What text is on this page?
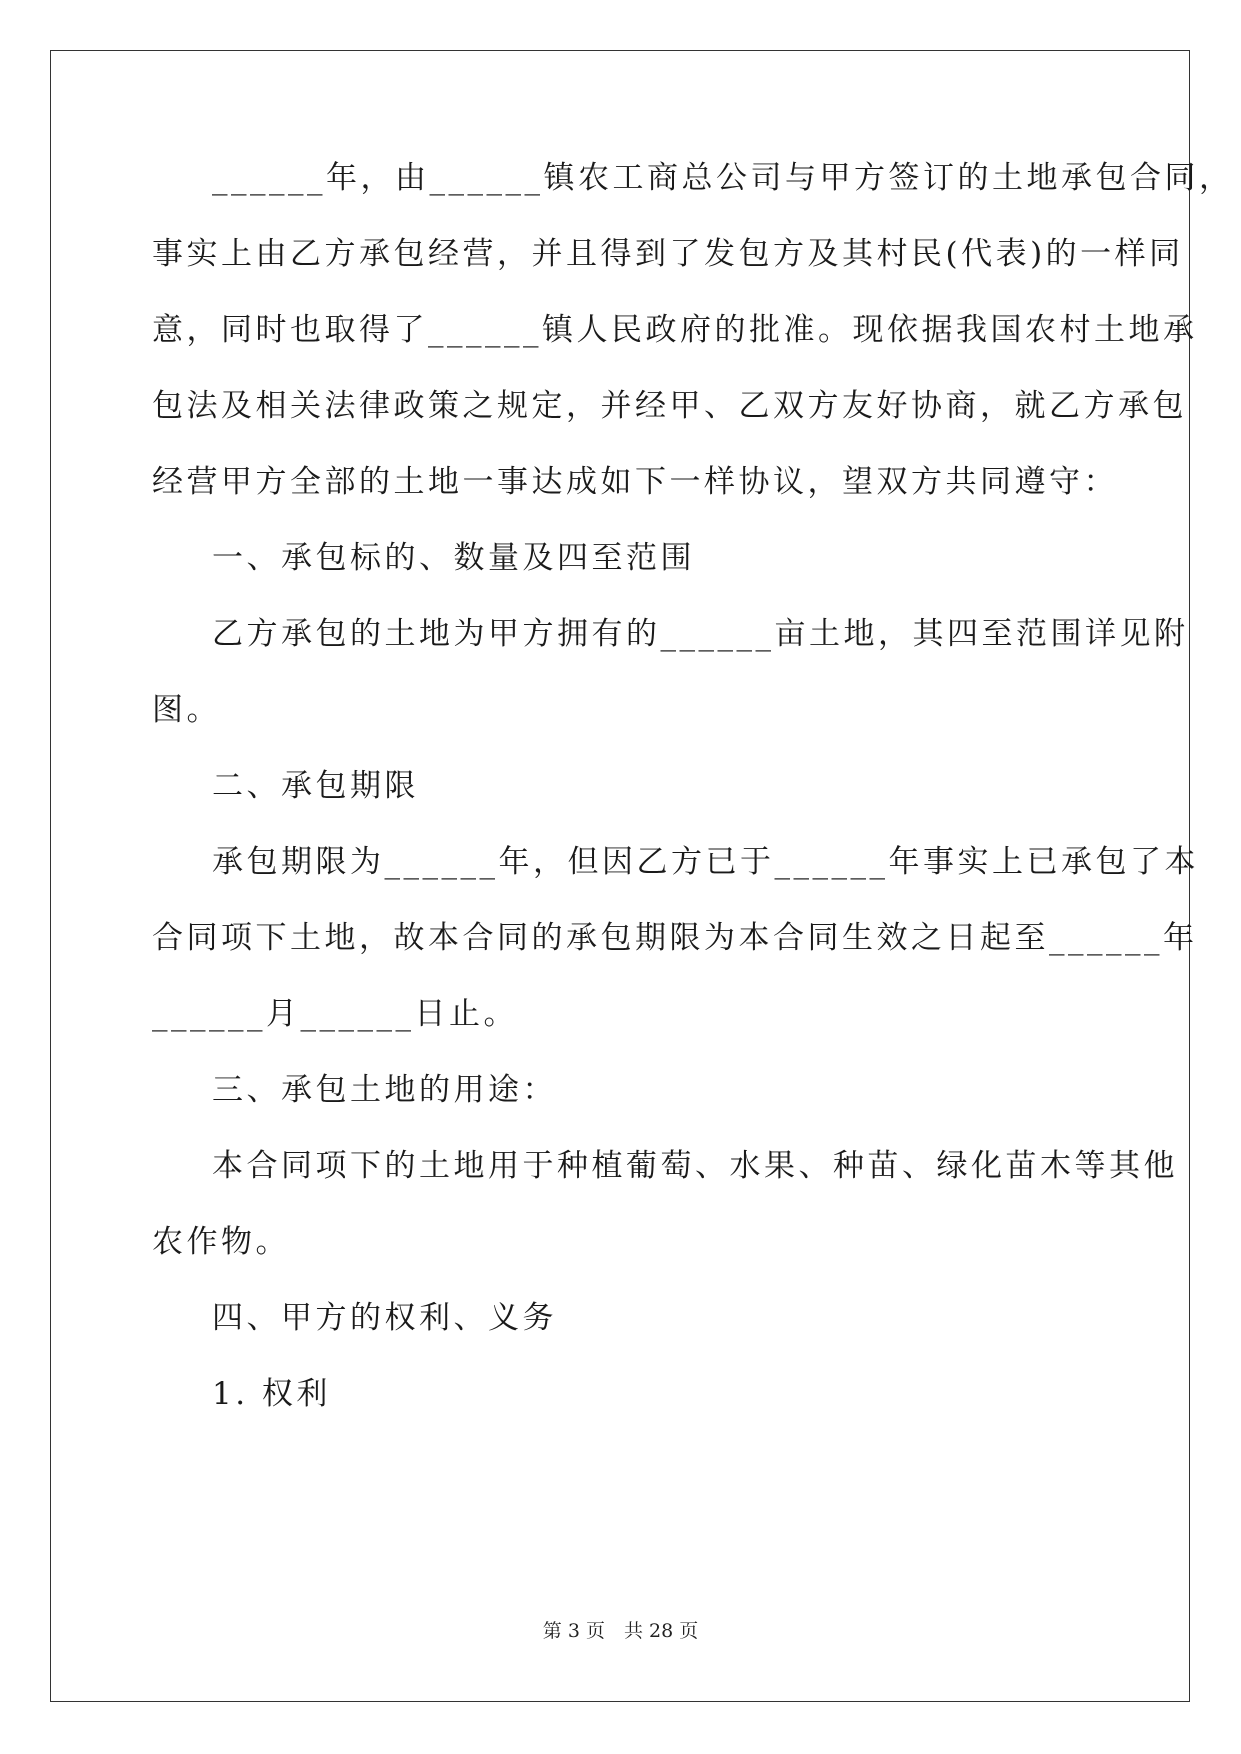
______年，由______镇农工商总公司与甲方签订的土地承包合同，
事实上由乙方承包经营，并且得到了发包方及其村民(代表)的一样同
意，同时也取得了______镇人民政府的批准。现依据我国农村土地承
包法及相关法律政策之规定，并经甲、乙双方友好协商，就乙方承包
经营甲方全部的土地一事达成如下一样协议，望双方共同遵守：
一、承包标的、数量及四至范围
乙方承包的土地为甲方拥有的______亩土地，其四至范围详见附
图。
二、承包期限
承包期限为______年，但因乙方已于______年事实上已承包了本
合同项下土地，故本合同的承包期限为本合同生效之日起至______年
______月______日止。
三、承包土地的用途：
本合同项下的土地用于种植葡萄、水果、种苗、绿化苗木等其他
农作物。
四、甲方的权利、义务
1. 权利
第 3 页　共 28 页
